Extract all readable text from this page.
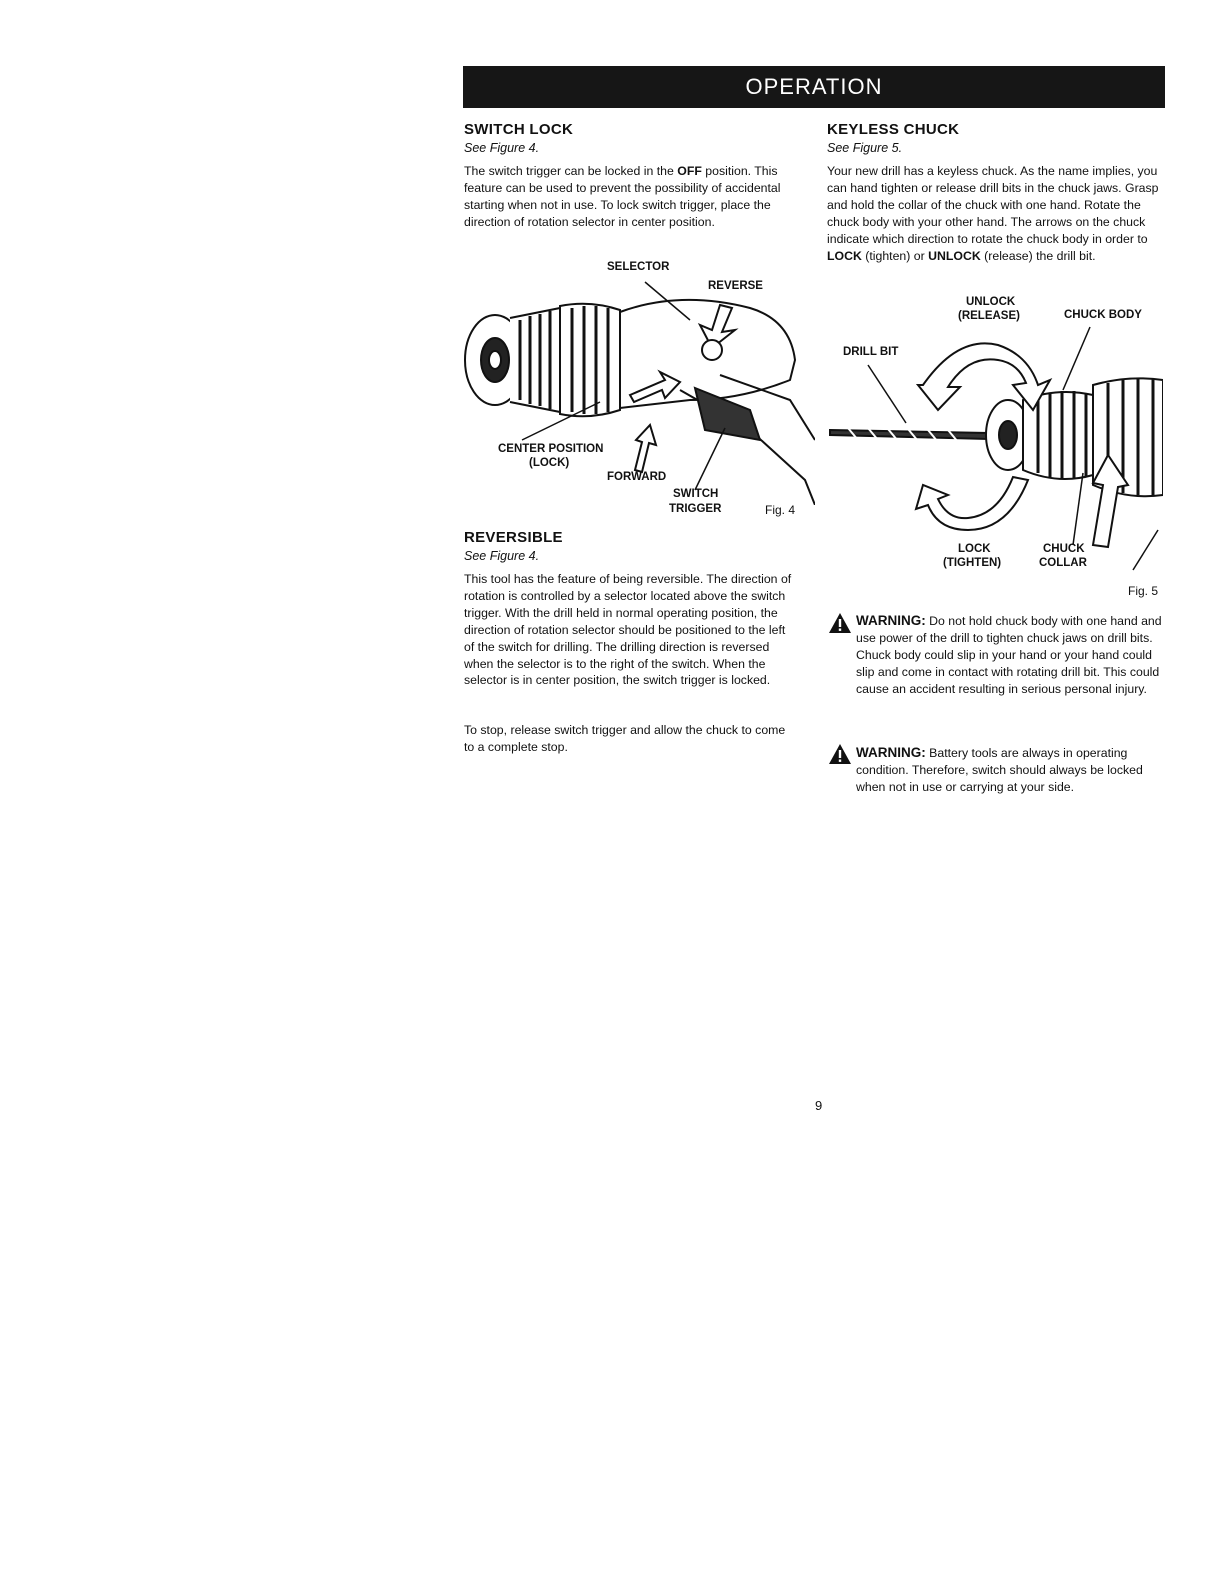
OPERATION
SWITCH LOCK

See Figure 4.

The switch trigger can be locked in the OFF position. This feature can be used to prevent the possibility of accidental starting when not in use. To lock switch trigger, place the direction of rotation selector in center position.

SELECTOR
REVERSE
CENTER POSITION
(LOCK)
FORWARD
SWITCH
TRIGGER	Fig. 4
REVERSIBLE

See Figure 4.

This tool has the feature of being reversible. The direction of rotation is controlled by a selector located above the switch trigger. With the drill held in normal operating position, the direction of rotation selector should be positioned to the left of the switch for drilling. The drilling direction is reversed when the selector is to the right of the switch. When the selector is in center position, the switch trigger is locked.

To stop, release switch trigger and allow the chuck to come to a complete stop.

KEYLESS CHUCK

See Figure 5.

Your new drill has a keyless chuck. As the name implies, you can hand tighten or release drill bits in the chuck jaws. Grasp and hold the collar of the chuck with one hand. Rotate the chuck body with your other hand. The arrows on the chuck indicate which direction to rotate the chuck body in order to LOCK (tighten) or UNLOCK (release) the drill bit.

UNLOCK
(RELEASE)	CHUCK BODY
DRILL BIT
LOCK
(TIGHTEN)
CHUCK
COLLAR
Fig. 5

WARNING: Do not hold chuck body with one hand and use power of the drill to tighten chuck jaws on drill bits. Chuck body could slip in your hand or your hand could slip and come in contact with rotating drill bit. This could cause an accident resulting in serious personal injury.

WARNING: Battery tools are always in operating condition. Therefore, switch should always be locked when not in use or carrying at your side.

9
